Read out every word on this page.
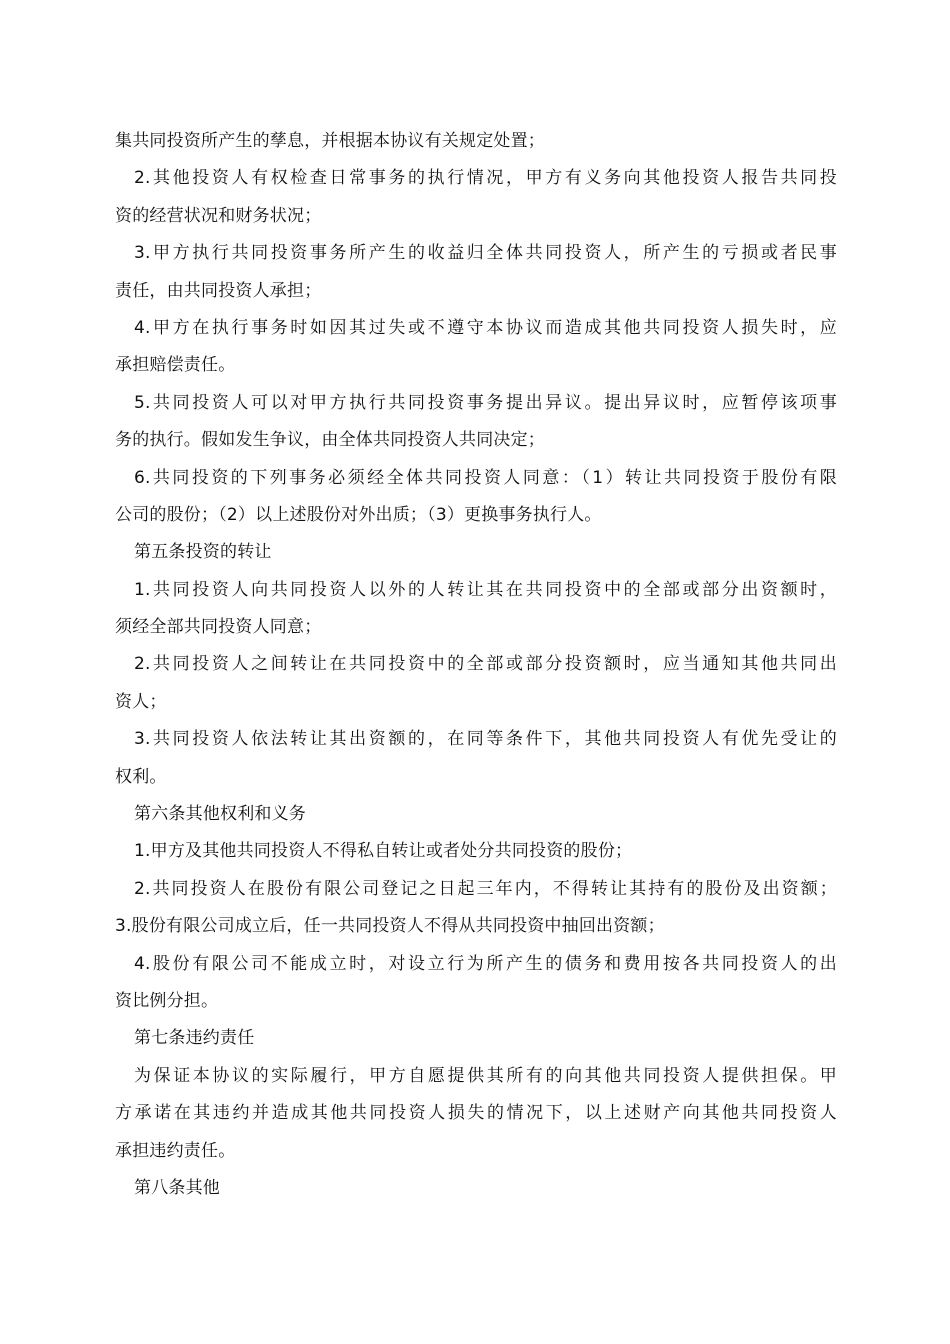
集共同投资所产生的孳息，并根据本协议有关规定处置；
2.其他投资人有权检查日常事务的执行情况，甲方有义务向其他投资人报告共同投
资的经营状况和财务状况；
3.甲方执行共同投资事务所产生的收益归全体共同投资人，所产生的亏损或者民事
责任，由共同投资人承担；
4.甲方在执行事务时如因其过失或不遵守本协议而造成其他共同投资人损失时，应
承担赔偿责任。
5.共同投资人可以对甲方执行共同投资事务提出异议。提出异议时，应暂停该项事
务的执行。假如发生争议，由全体共同投资人共同决定；
6.共同投资的下列事务必须经全体共同投资人同意：（1）转让共同投资于股份有限
公司的股份；（2）以上述股份对外出质；（3）更换事务执行人。
第五条投资的转让
1.共同投资人向共同投资人以外的人转让其在共同投资中的全部或部分出资额时，
须经全部共同投资人同意；
2.共同投资人之间转让在共同投资中的全部或部分投资额时，应当通知其他共同出
资人；
3.共同投资人依法转让其出资额的，在同等条件下，其他共同投资人有优先受让的
权利。
第六条其他权利和义务
1.甲方及其他共同投资人不得私自转让或者处分共同投资的股份；
2.共同投资人在股份有限公司登记之日起三年内，不得转让其持有的股份及出资额；
3.股份有限公司成立后，任一共同投资人不得从共同投资中抽回出资额；
4.股份有限公司不能成立时，对设立行为所产生的债务和费用按各共同投资人的出
资比例分担。
第七条违约责任
为保证本协议的实际履行，甲方自愿提供其所有的向其他共同投资人提供担保。甲
方承诺在其违约并造成其他共同投资人损失的情况下，以上述财产向其他共同投资人
承担违约责任。
第八条其他
